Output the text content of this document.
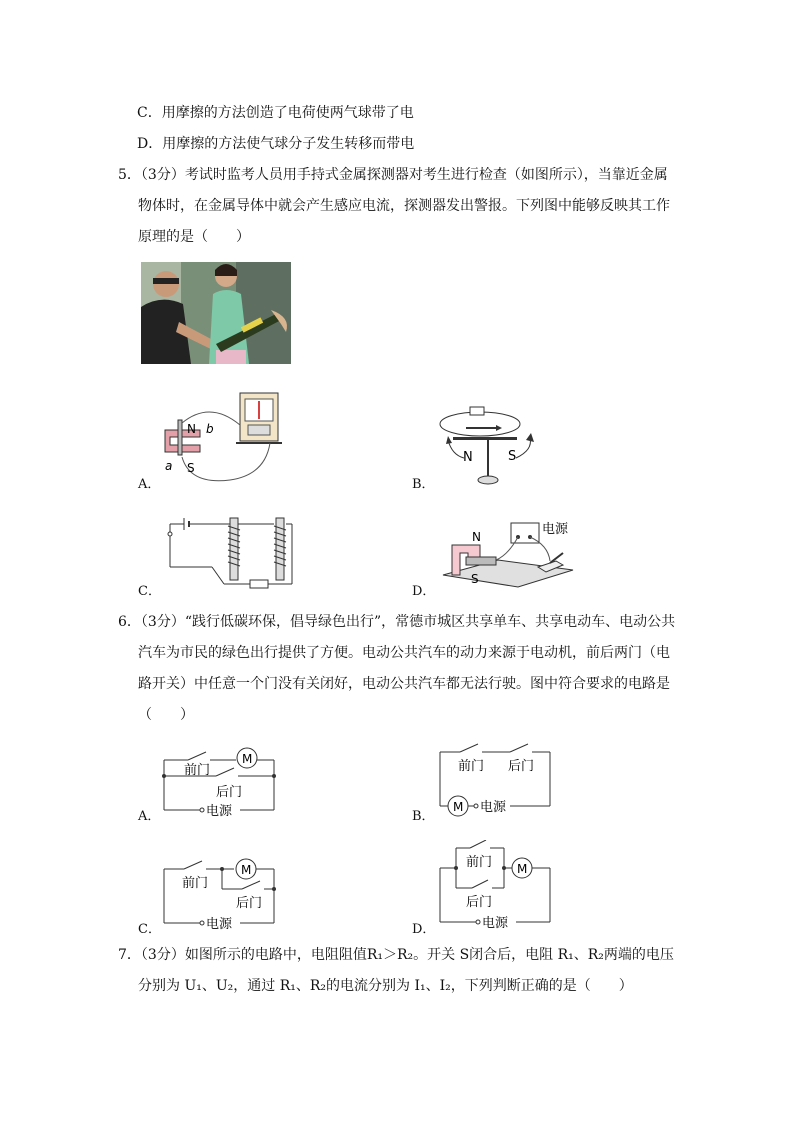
C．用摩擦的方法创造了电荷使两气球带了电
D．用摩擦的方法使气球分子发生转移而带电
5．（3分）考试时监考人员用手持式金属探测器对考生进行检查（如图所示），当靠近金属
物体时，在金属导体中就会产生感应电流，探测器发出警报。下列图中能够反映其工作
原理的是（　　）
N b
S
a
A．
N	S
B．
C．
电源
N
S
D．
6．（3分）“践行低碳环保，倡导绿色出行”，常德市城区共享单车、共享电动车、电动公共
汽车为市民的绿色出行提供了方便。电动公共汽车的动力来源于电动机，前后两门（电
路开关）中任意一个门没有关闭好，电动公共汽车都无法行驶。图中符合要求的电路是
（　　）
M
前门
后门
电源
A．
前门 后门
M 电源
B．
M
前门
后门
电源
C．
前门
后门
M
电源
D．
7．（3分）如图所示的电路中，电阻阻值R₁＞R₂。开关 S闭合后，电阻 R₁、R₂两端的电压
分别为 U₁、U₂，通过 R₁、R₂的电流分别为 I₁、I₂，下列判断正确的是（　　）
